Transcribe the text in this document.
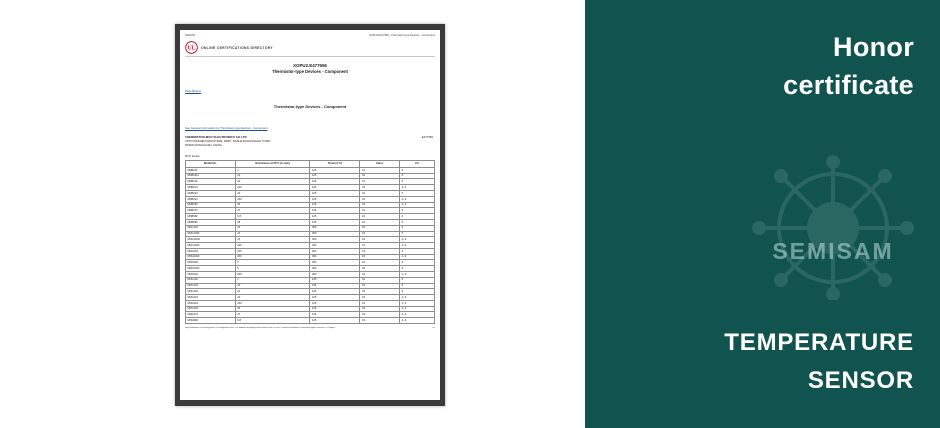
2016/2/6	XGPU2.E477656 - Thermistor-type Devices - Component
UL ONLINE CERTIFICATIONS DIRECTORY
XGPU2.E477656
Thermistor-type Devices - Component
Page Bottom
Thermistor-type Devices - Component
See General Information for Thermistor-type Devices - Component
THERMISTOR-MOV ELECTRONICS CO LTD
XINYONGSHEN INDUSTRIAL PARK, DASHA DALINGSHAN TOWN
523000 DONGGUAN, CHINA
E477656
NTC series:
Model No.	Resistance at 25°C (k ohm)	T(max) (°C)	Class	CA
MNB101	1	125	C4	#
MNB1011	10	125	C4	#
MNB103	10	125	C4	#
MNB104	100	125	C3	A, #
MNB223	22	125	C2	#
MNB224	220	125	C3	A, #
MNB333	33	125	C3	A, #
MNB473	47	125	C3	#
MNB682	6.8	125	C4	#
MNB683	68	125	C3	#
MNG103	10	300	C3	#
MNG103F	10	300	C4	#
MNG103H	10	300	C4	A, #
MNG104F	100	300	C4	A, #
MNG204	200	300	C3	#
MNG204F	200	300	C4	A, #
MNG502	5	300	C3	#
MNG502F	5	300	C2	#
MNG504	500	300	C2	C, #
MNG102	1	125	C2	#
MNG103	10	125	C3	#
MNG103	10	125	C3	#
MNG223	22	125	C4	A, #
MNG224	220	125	C2	A, #
MNG333	33	125	C3	A, #
MNG473	47	125	C3	A, #
MNG682	6.8	125	C3	A, #
http://database.ul.com/cgi-bin/XYV/template/LISEXT/1FRAME/showpage.html?name=XGPU2.E477656&ccnshorttitle=Thermistor-type+Devices+-+Compo...	1/1
SEMISAM
Honor
certificate
TEMPERATURE
SENSOR
